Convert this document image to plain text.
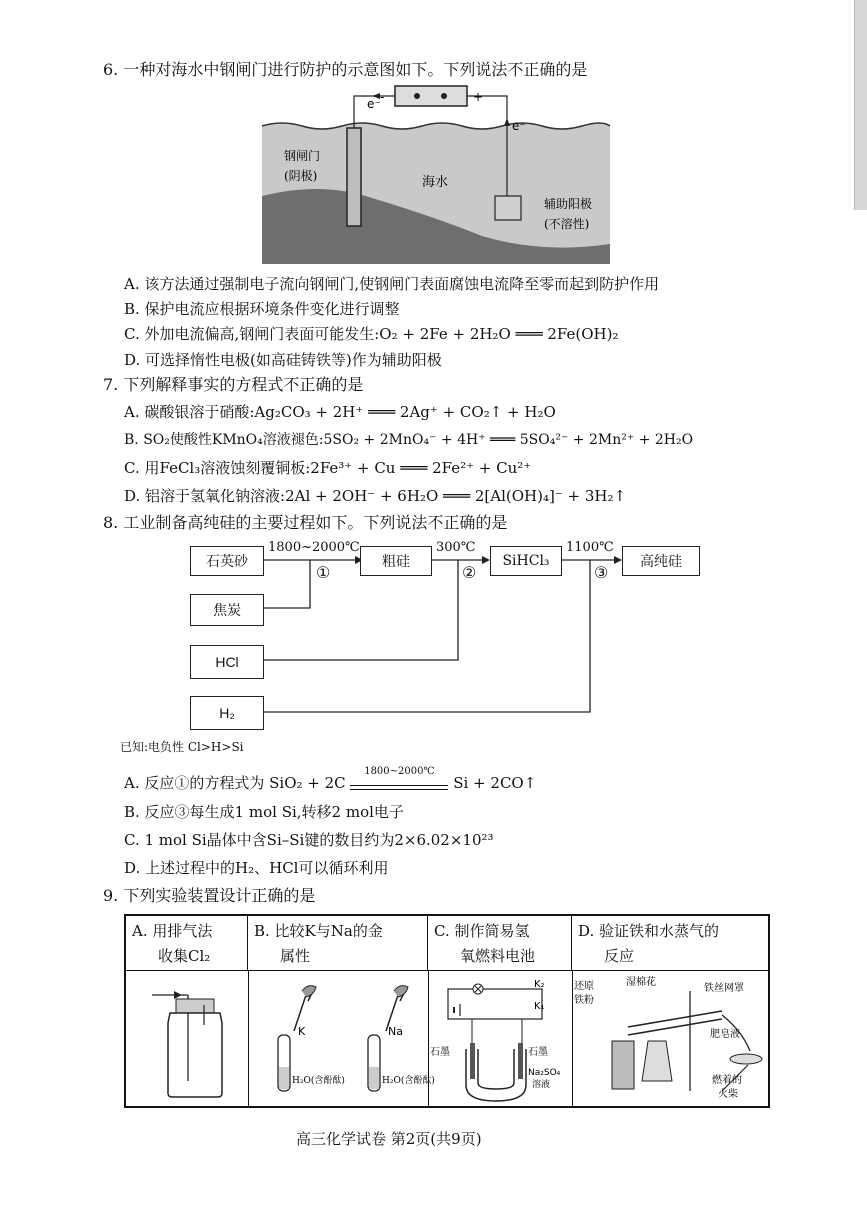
6. 一种对海水中钢闸门进行防护的示意图如下。下列说法不正确的是
-	+
e⁻
e⁻
钢闸门
(阴极)	海水
辅助阳极
(不溶性)
A. 该方法通过强制电子流向钢闸门,使钢闸门表面腐蚀电流降至零而起到防护作用
B. 保护电流应根据环境条件变化进行调整
C. 外加电流偏高,钢闸门表面可能发生:O₂ + 2Fe + 2H₂O ═══ 2Fe(OH)₂
D. 可选择惰性电极(如高硅铸铁等)作为辅助阳极
7. 下列解释事实的方程式不正确的是
A. 碳酸银溶于硝酸:Ag₂CO₃ + 2H⁺ ═══ 2Ag⁺ + CO₂↑ + H₂O
B. SO₂使酸性KMnO₄溶液褪色:5SO₂ + 2MnO₄⁻ + 4H⁺ ═══ 5SO₄²⁻ + 2Mn²⁺ + 2H₂O
C. 用FeCl₃溶液蚀刻覆铜板:2Fe³⁺ + Cu ═══ 2Fe²⁺ + Cu²⁺
D. 铝溶于氢氧化钠溶液:2Al + 2OH⁻ + 6H₂O ═══ 2[Al(OH)₄]⁻ + 3H₂↑
8. 工业制备高纯硅的主要过程如下。下列说法不正确的是
石英砂	粗硅	SiHCl₃	高纯硅
焦炭
HCl
H₂
1800~2000℃	300℃	1100℃
①	②	③
已知:电负性 Cl>H>Si
A. 反应①的方程式为 SiO₂ + 2C
1800~2000℃
Si + 2CO↑
B. 反应③每生成1 mol Si,转移2 mol电子
C. 1 mol Si晶体中含Si–Si键的数目约为2×6.02×10²³
D. 上述过程中的H₂、HCl可以循环利用
9. 下列实验装置设计正确的是
A. 用排气法
收集Cl₂
B. 比较K与Na的金
属性
C. 制作简易氢
氧燃料电池
D. 验证铁和水蒸气的
反应
K	Na
H₂O(含酚酞)	H₂O(含酚酞)
K₂
K₁
石墨	石墨
Na₂SO₄
溶液
还原
铁粉
湿棉花
铁丝网罩
肥皂液
燃着的
火柴
高三化学试卷 第2页(共9页)
